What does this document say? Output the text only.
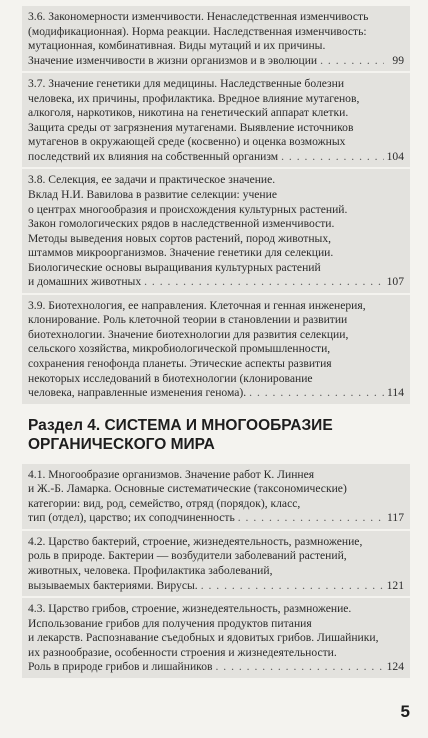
3.6. Закономерности изменчивости. Ненаследственная изменчивость
(модификационная). Норма реакции. Наследственная изменчивость:
мутационная, комбинативная. Виды мутаций и их причины.
Значение изменчивости в жизни организмов и в эволюции . . .	99
3.7. Значение генетики для медицины. Наследственные болезни
человека, их причины, профилактика. Вредное влияние мутагенов,
алкоголя, наркотиков, никотина на генетический аппарат клетки.
Защита среды от загрязнения мутагенами. Выявление источников
мутагенов в окружающей среде (косвенно) и оценка возможных
последствий их влияния на собственный организм . . .	104
3.8. Селекция, ее задачи и практическое значение.
Вклад Н.И. Вавилова в развитие селекции: учение
о центрах многообразия и происхождения культурных растений.
Закон гомологических рядов в наследственной изменчивости.
Методы выведения новых сортов растений, пород животных,
штаммов микроорганизмов. Значение генетики для селекции.
Биологические основы выращивания культурных растений
и домашних животных . . .	107
3.9. Биотехнология, ее направления. Клеточная и генная инженерия,
клонирование. Роль клеточной теории в становлении и развитии
биотехнологии. Значение биотехнологии для развития селекции,
сельского хозяйства, микробиологической промышленности,
сохранения генофонда планеты. Этические аспекты развития
некоторых исследований в биотехнологии (клонирование
человека, направленные изменения генома). . . .	114
Раздел 4. СИСТЕМА И МНОГООБРАЗИЕ
ОРГАНИЧЕСКОГО МИРА
4.1. Многообразие организмов. Значение работ К. Линнея
и Ж.-Б. Ламарка. Основные систематические (таксономические)
категории: вид, род, семейство, отряд (порядок), класс,
тип (отдел), царство; их соподчиненность . . .	117
4.2. Царство бактерий, строение, жизнедеятельность, размножение,
роль в природе. Бактерии — возбудители заболеваний растений,
животных, человека. Профилактика заболеваний,
вызываемых бактериями. Вирусы. . . .	121
4.3. Царство грибов, строение, жизнедеятельность, размножение.
Использование грибов для получения продуктов питания
и лекарств. Распознавание съедобных и ядовитых грибов. Лишайники,
их разнообразие, особенности строения и жизнедеятельности.
Роль в природе грибов и лишайников . . .	124
5
